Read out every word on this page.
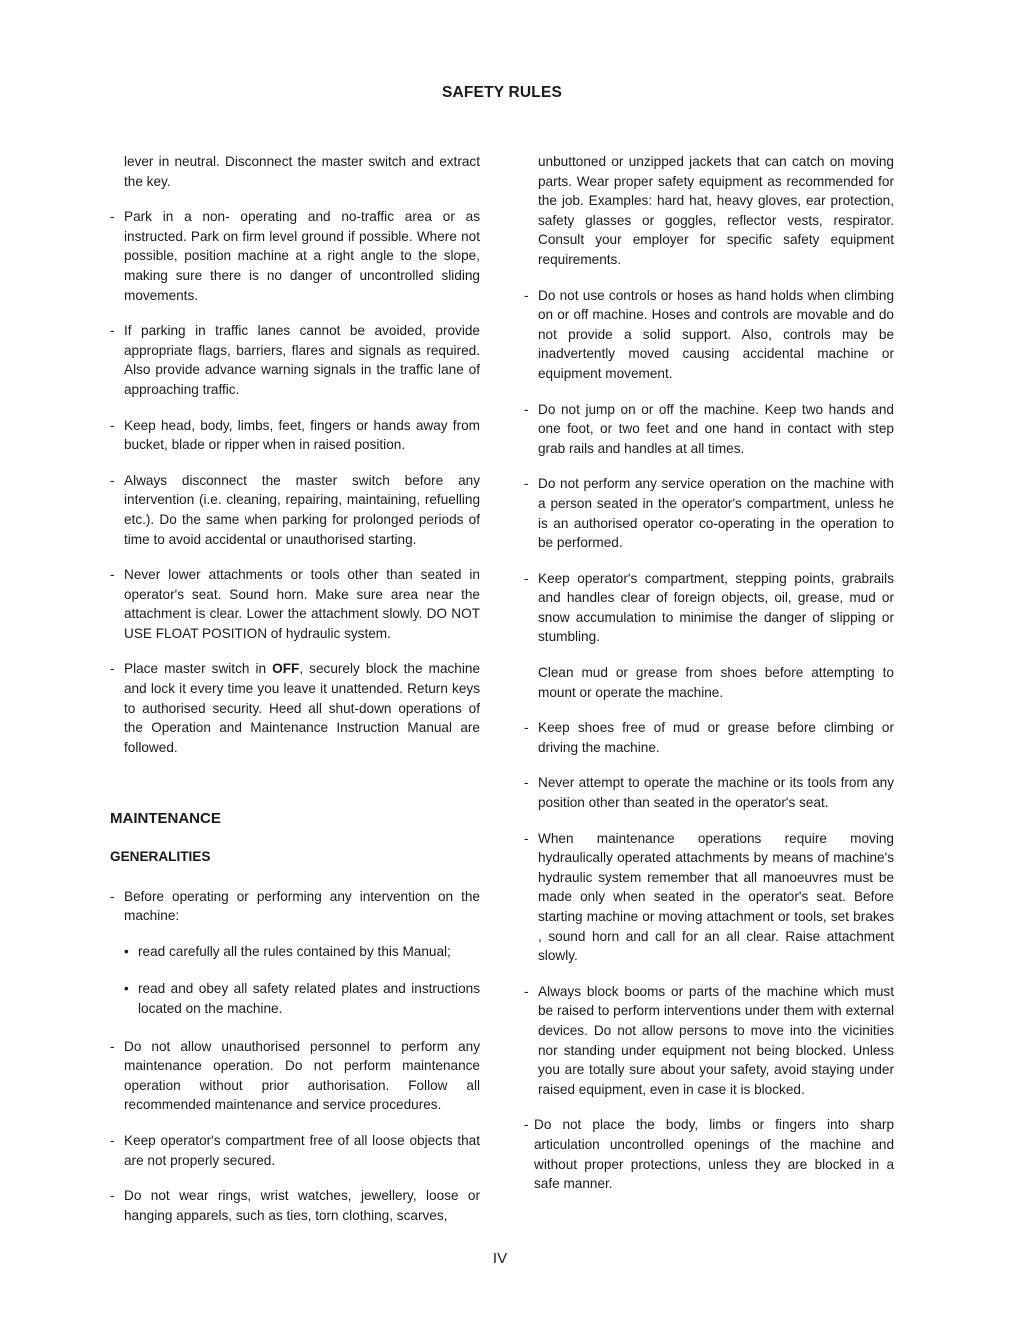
SAFETY RULES

lever in neutral. Disconnect the master switch and extract the key.

- Park in a non- operating and no-traffic area or as instructed. Park on firm level ground if possible. Where not possible, position machine at a right angle to the slope, making sure there is no danger of uncontrolled sliding movements.

- If parking in traffic lanes cannot be avoided, provide appropriate flags, barriers, flares and signals as required. Also provide advance warning signals in the traffic lane of approaching traffic.

- Keep head, body, limbs, feet, fingers or hands away from bucket, blade or ripper when in raised position.

- Always disconnect the master switch before any intervention (i.e. cleaning, repairing, maintaining, refuelling etc.). Do the same when parking for prolonged periods of time to avoid accidental or unauthorised starting.

- Never lower attachments or tools other than seated in operator's seat. Sound horn. Make sure area near the attachment is clear. Lower the attachment slowly. DO NOT USE FLOAT POSITION of hydraulic system.

- Place master switch in OFF, securely block the machine and lock it every time you leave it unattended. Return keys to authorised security. Heed all shut-down operations of the Operation and Maintenance Instruction Manual are followed.

MAINTENANCE
GENERALITIES
- Before operating or performing any intervention on the machine:

• read carefully all the rules contained by this Manual;

• read and obey all safety related plates and instructions located on the machine.

- Do not allow unauthorised personnel to perform any maintenance operation. Do not perform maintenance operation without prior authorisation. Follow all recommended maintenance and service procedures.

- Keep operator's compartment free of all loose objects that are not properly secured.

- Do not wear rings, wrist watches, jewellery, loose or hanging apparels, such as ties, torn clothing, scarves,

unbuttoned or unzipped jackets that can catch on moving parts. Wear proper safety equipment as recommended for the job. Examples: hard hat, heavy gloves, ear protection, safety glasses or goggles, reflector vests, respirator. Consult your employer for specific safety equipment requirements.

- Do not use controls or hoses as hand holds when climbing on or off machine. Hoses and controls are movable and do not provide a solid support. Also, controls may be inadvertently moved causing accidental machine or equipment movement.

- Do not jump on or off the machine. Keep two hands and one foot, or two feet and one hand in contact with step grab rails and handles at all times.

- Do not perform any service operation on the machine with a person seated in the operator's compartment, unless he is an authorised operator co-operating in the operation to be performed.

- Keep operator's compartment, stepping points, grabrails and handles clear of foreign objects, oil, grease, mud or snow accumulation to minimise the danger of slipping or stumbling.

Clean mud or grease from shoes before attempting to mount or operate the machine.

- Keep shoes free of mud or grease before climbing or driving the machine.

- Never attempt to operate the machine or its tools from any position other than seated in the operator's seat.

- When maintenance operations require moving hydraulically operated attachments by means of machine's hydraulic system remember that all manoeuvres must be made only when seated in the operator's seat. Before starting machine or moving attachment or tools, set brakes , sound horn and call for an all clear. Raise attachment slowly.

- Always block booms or parts of the machine which must be raised to perform interventions under them with external devices. Do not allow persons to move into the vicinities nor standing under equipment not being blocked. Unless you are totally sure about your safety, avoid staying under raised equipment, even in case it is blocked.

- Do not place the body, limbs or fingers into sharp articulation uncontrolled openings of the machine and without proper protections, unless they are blocked in a safe manner.

IV
